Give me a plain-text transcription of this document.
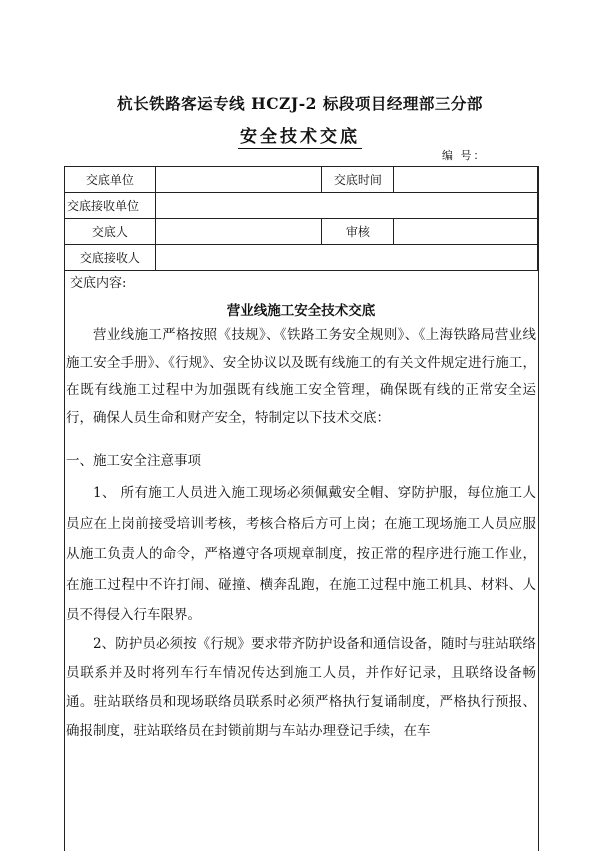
杭长铁路客运专线 HCZJ-2 标段项目经理部三分部
安全技术交底
编 号：
交底单位		交底时间	
交底接收单位			
交底人		审核	
交底接收人			
交底内容:
营业线施工安全技术交底
营业线施工严格按照《技规》、《铁路工务安全规则》、《上海铁路局营业线施工安全手册》、《行规》、安全协议以及既有线施工的有关文件规定进行施工，在既有线施工过程中为加强既有线施工安全管理，确保既有线的正常安全运行，确保人员生命和财产安全，特制定以下技术交底：
一、施工安全注意事项
1、 所有施工人员进入施工现场必须佩戴安全帽、穿防护服，每位施工人员应在上岗前接受培训考核，考核合格后方可上岗；在施工现场施工人员应服从施工负责人的命令，严格遵守各项规章制度，按正常的程序进行施工作业，在施工过程中不许打闹、碰撞、横奔乱跑，在施工过程中施工机具、材料、人员不得侵入行车限界。
2、防护员必须按《行规》要求带齐防护设备和通信设备，随时与驻站联络员联系并及时将列车行车情况传达到施工人员，并作好记录，且联络设备畅通。驻站联络员和现场联络员联系时必须严格执行复诵制度，严格执行预报、确报制度，驻站联络员在封锁前期与车站办理登记手续，在车
